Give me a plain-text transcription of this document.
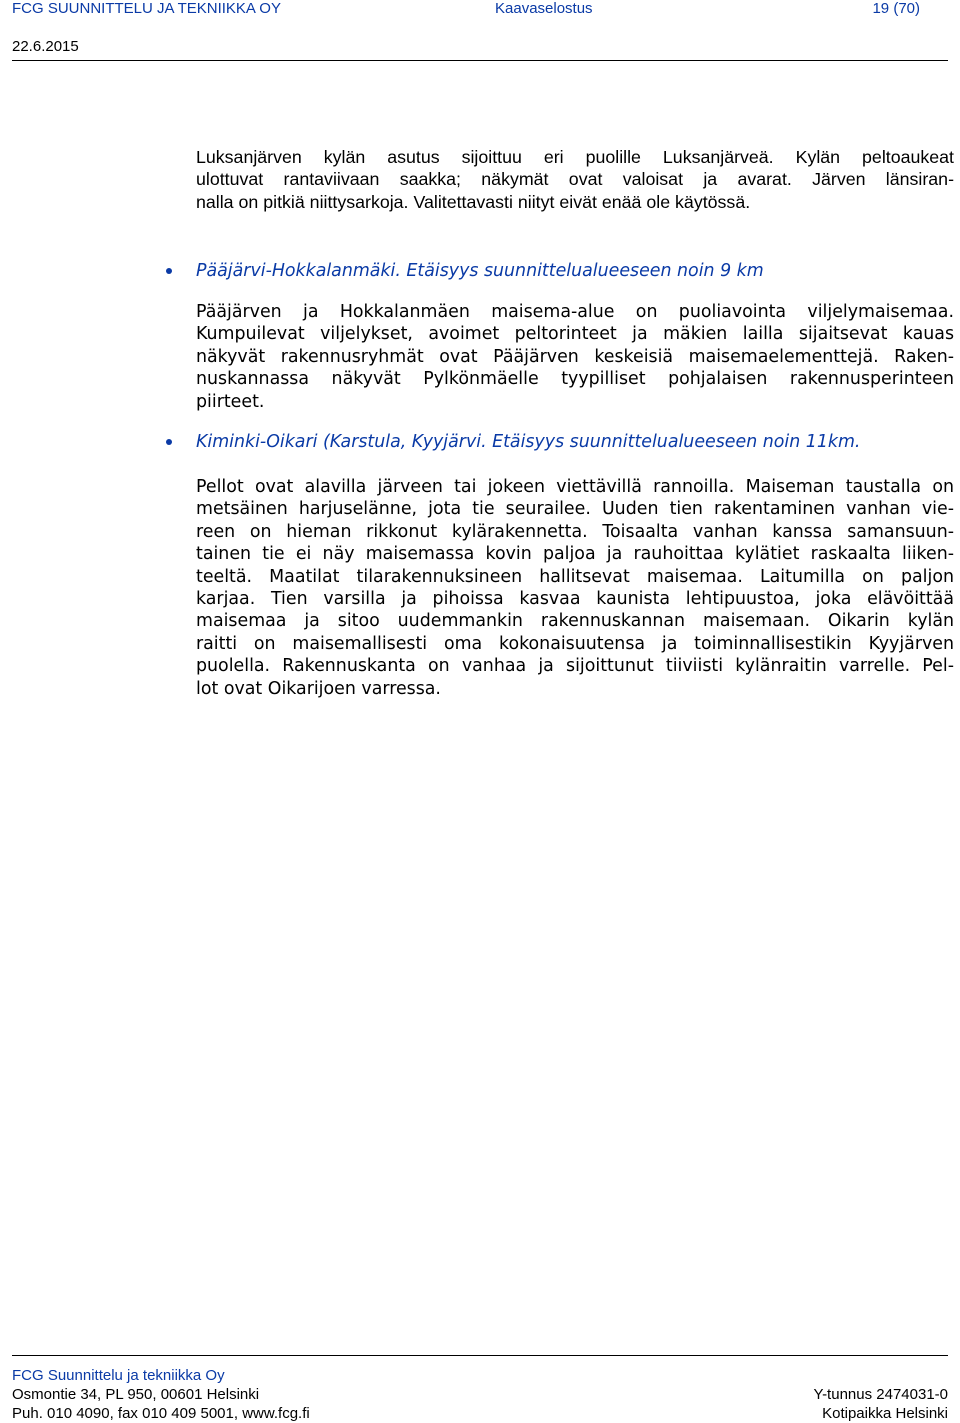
FCG SUUNNITTELU JA TEKNIIKKA OY	Kaavaselostus	19 (70)
22.6.2015
Luksanjärven kylän asutus sijoittuu eri puolille Luksanjärveä. Kylän peltoaukeat
ulottuvat rantaviivaan saakka; näkymät ovat valoisat ja avarat. Järven länsiran-
nalla on pitkiä niittysarkoja. Valitettavasti niityt eivät enää ole käytössä.
Pääjärvi-Hokkalanmäki. Etäisyys suunnittelualueeseen noin 9 km
Pääjärven ja Hokkalanmäen maisema-alue on puoliavointa viljelymaisemaa.
Kumpuilevat viljelykset, avoimet peltorinteet ja mäkien lailla sijaitsevat kauas
näkyvät rakennusryhmät ovat Pääjärven keskeisiä maisemaelementtejä. Raken-
nuskannassa näkyvät Pylkönmäelle tyypilliset pohjalaisen rakennusperinteen
piirteet.
Kiminki-Oikari (Karstula, Kyyjärvi. Etäisyys suunnittelualueeseen noin 11km.
Pellot ovat alavilla järveen tai jokeen viettävillä rannoilla. Maiseman taustalla on
metsäinen harjuselänne, jota tie seurailee. Uuden tien rakentaminen vanhan vie-
reen on hieman rikkonut kylärakennetta. Toisaalta vanhan kanssa samansuun-
tainen tie ei näy maisemassa kovin paljoa ja rauhoittaa kylätiet raskaalta liiken-
teeltä. Maatilat tilarakennuksineen hallitsevat maisemaa. Laitumilla on paljon
karjaa. Tien varsilla ja pihoissa kasvaa kaunista lehtipuustoa, joka elävöittää
maisemaa ja sitoo uudemmankin rakennuskannan maisemaan. Oikarin kylän
raitti on maisemallisesti oma kokonaisuutensa ja toiminnallisestikin Kyyjärven
puolella. Rakennuskanta on vanhaa ja sijoittunut tiiviisti kylänraitin varrelle. Pel-
lot ovat Oikarijoen varressa.
FCG Suunnittelu ja tekniikka Oy
Osmontie 34, PL 950, 00601 Helsinki	Y-tunnus 2474031-0
Puh. 010 4090, fax 010 409 5001, www.fcg.fi	Kotipaikka Helsinki
